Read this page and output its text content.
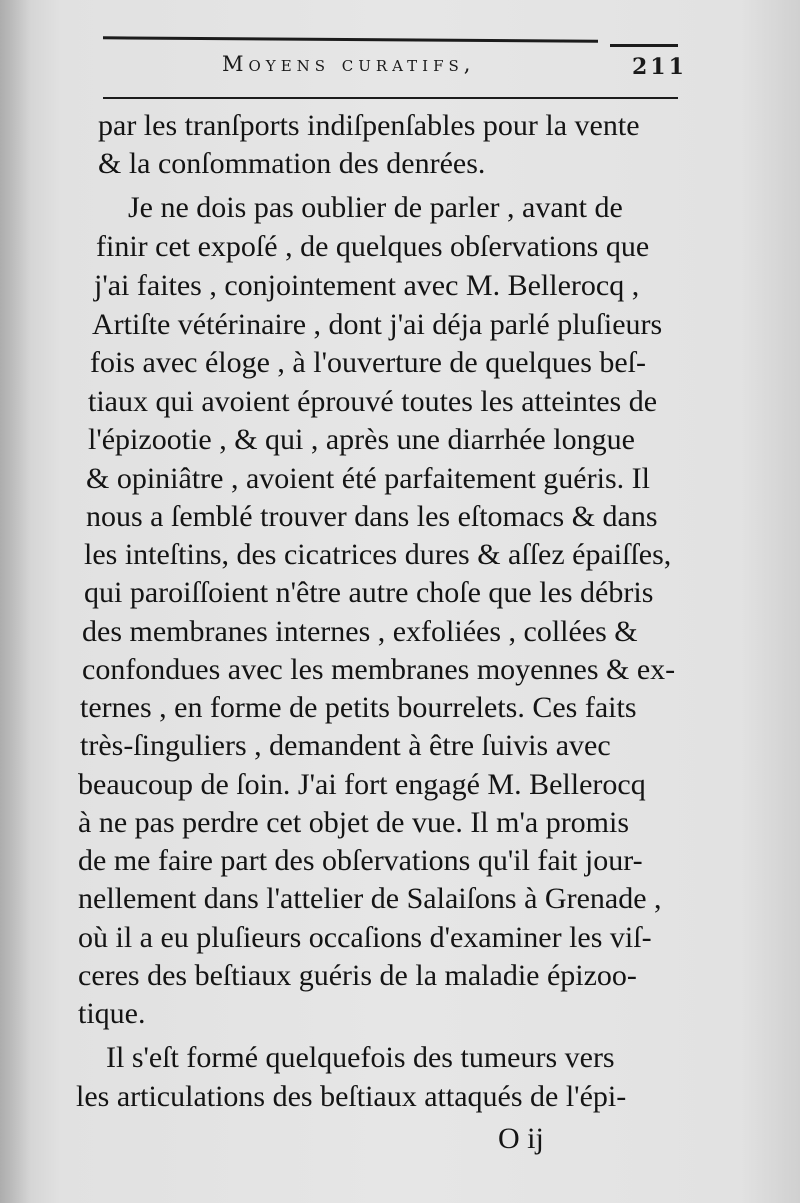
Moyens curatifs,	211
par les tranſports indiſpenſables pour la vente
& la conſommation des denrées.
Je ne dois pas oublier de parler , avant de
finir cet expoſé , de quelques obſervations que
j'ai faites , conjointement avec M. Bellerocq ,
Artiſte vétérinaire , dont j'ai déja parlé pluſieurs
fois avec éloge , à l'ouverture de quelques beſ-
tiaux qui avoient éprouvé toutes les atteintes de
l'épizootie , & qui , après une diarrhée longue
& opiniâtre , avoient été parfaitement guéris. Il
nous a ſemblé trouver dans les eſtomacs & dans
les inteſtins, des cicatrices dures & aſſez épaiſſes,
qui paroiſſoient n'être autre choſe que les débris
des membranes internes , exfoliées , collées &
confondues avec les membranes moyennes & ex-
ternes , en forme de petits bourrelets. Ces faits
très-ſinguliers , demandent à être ſuivis avec
beaucoup de ſoin. J'ai fort engagé M. Bellerocq
à ne pas perdre cet objet de vue. Il m'a promis
de me faire part des obſervations qu'il fait jour-
nellement dans l'attelier de Salaiſons à Grenade ,
où il a eu pluſieurs occaſions d'examiner les viſ-
ceres des beſtiaux guéris de la maladie épizoo-
tique.
Il s'eſt formé quelquefois des tumeurs vers
les articulations des beſtiaux attaqués de l'épi-
O ij
